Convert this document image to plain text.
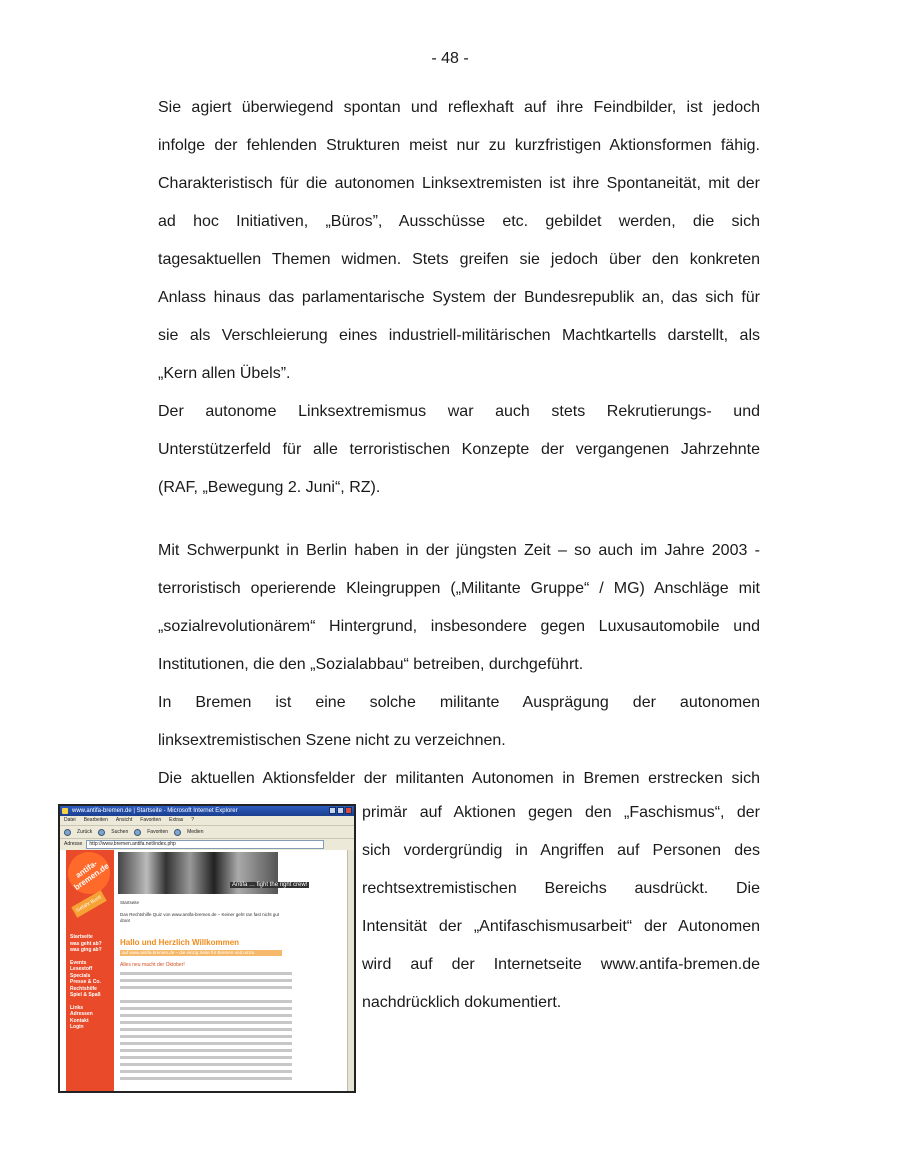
- 48 -
Sie agiert überwiegend spontan und reflexhaft auf ihre Feindbilder, ist jedoch
infolge der fehlenden Strukturen meist nur zu kurzfristigen Aktionsformen fähig.
Charakteristisch für die autonomen Linksextremisten ist ihre Spontaneität, mit der
ad hoc Initiativen, „Büros”, Ausschüsse etc. gebildet werden, die sich
tagesaktuellen Themen widmen. Stets greifen sie jedoch über den konkreten
Anlass hinaus das parlamentarische System der Bundesrepublik an, das sich für
sie als Verschleierung eines industriell-militärischen Machtkartells darstellt, als
„Kern allen Übels”.
Der autonome Linksextremismus war auch stets Rekrutierungs- und
Unterstützerfeld für alle terroristischen Konzepte der vergangenen Jahrzehnte
(RAF, „Bewegung 2. Juni“, RZ).
Mit Schwerpunkt in Berlin haben in der jüngsten Zeit – so auch im Jahre 2003 -
terroristisch operierende Kleingruppen („Militante Gruppe“ / MG) Anschläge mit
„sozialrevolutionärem“ Hintergrund, insbesondere gegen Luxusautomobile und
Institutionen, die den „Sozialabbau“ betreiben, durchgeführt.
In Bremen ist eine solche militante Ausprägung der autonomen
linksextremistischen Szene nicht zu verzeichnen.
Die aktuellen Aktionsfelder der militanten Autonomen in Bremen erstrecken sich
primär auf Aktionen gegen den „Faschismus“, der
sich vordergründig in Angriffen auf Personen des
rechtsextremistischen Bereichs ausdrückt. Die
Intensität der „Antifaschismusarbeit“ der Autonomen
wird auf der Internetseite www.antifa-bremen.de
nachdrücklich dokumentiert.
www.antifa-bremen.de | Startseite - Microsoft Internet Explorer
Datei Bearbeiten Ansicht Favoriten Extras ?
Zurück	Suchen	Favoriten	Medien
Adresse	http://www.bremen.antifa.net/index.php
antifa-bremen.de
Gefahr Bunt!
Startseite
was geht ab?
was ging ab?
Events
Lesestoff
Specials
Presse & Co.
Rechtshilfe
Spiel & Spaß
Links
Adressen
Kontakt
Login
Antifa … fight the right crew!
Startseite
Das Rechtshilfe Quiz von www.antifa-bremen.de – Keiner geht ran fast nicht gut dran!
Hallo und Herzlich Willkommen
auf www.antifa-bremen.de – die einzig Seite für Bremen und umzu
Alles neu macht der Oktober!
